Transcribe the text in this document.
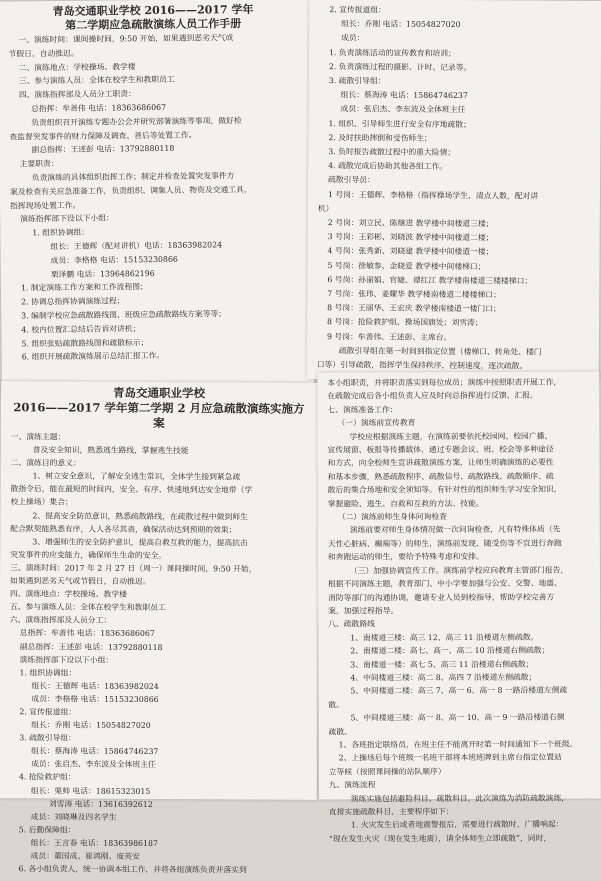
青岛交通职业学校 2016——2017 学年

第二学期应急疏散演练人员工作手册

一、演练时间：课间操时间，9:50 开始，如果遇到恶劣天气或

节假日，自动推迟。

二、演练地点：学校操场、教学楼

三、参与演练人员：全体在校学生和教职员工

四、演练指挥部及人员分工职责：

总指挥：牟善伟 电话：18363686067

负责组织召开演练专题办公会并研究部署演练等事项，做好检

查监督突发事件的财力保障及调查、善后等处置工作。

副总指挥：王述彭 电话：13792880118

主要职责：

负责演练的具体组织指挥工作；制定并检查处置突发事件方

案及检查有关应急准备工作，负责组织、调集人员、物资及交通工具，

指挥现场处置工作。

演练指挥部下设以下小组：

1. 组织协调组：

组长：王德辉（配对讲机）电话：18363982024

成员：李格格 电话：15153230866

栗泽鹏 电话：13964862196

1. 制定演练工作方案和工作流程图；

2. 协调总指挥协调演练过程；

3. 编制学校应急疏散路线图、班级应急疏散路线方案等等；

4. 校内位置汇总结后告诉对讲机；

5. 组织张贴疏散路线图和疏散标示；

6. 组织开展疏散演练展示总结汇报工作。

2. 宣传报道组：

组长：乔刚 电话：15054827020

成员：

1. 负责演练活动的宣传教育和培训；

2. 负责演练过程的摄影、计时、记录等。

3. 疏散引导组：

组长：蔡海涛 电话：15864746237

成员：张启杰、李东波及全体班主任

1. 组织、引导师生进行安全有序地疏散；

2. 及时扶助摔倒和受伤师生；

3. 负时报告疏散过程中的重大险情；

4. 疏散完成后协助其他各组工作。

疏散引导员：

1 号岗：王德辉、李格格（指挥操场学生、清点人数，配对讲

机）

2 号岗：刘立民、陈继进 教学楼中间楼道三楼；

3 号岗：王彩彬、刘晓波 教学楼中间楼道二楼；

4 号岗：张秀新、刘晓建 教学楼中间楼道一楼；

5 号岗：徐敏参、金晓爱 教学楼中间楼梯口；

6 号岗：孙丽娟、官婕、谭红江 教学楼南楼道三楼楼梯口；

7 号岗：张玮、姜耀华 教学楼南楼道二楼楼梯口；

8 号岗：王丽华、王宏庆 教学楼南楼道一楼门口；

8 号岗：抢险救护组、操场国旗处；刘雪涛；

9 号岗：牟善伟、王述彭、主席台。

疏散引导组在第一时间到指定位置（楼梯口、转角处、楼门

口等）引导疏散，指挥学生保持秩序，控制速度，逐次疏散。

青岛交通职业学校

2016——2017 学年第二学期 2 月应急疏散演练实施方案

一、演练主题：

普及安全知识，熟悉逃生路线，掌握逃生技能

二、演练目的意义：

1、树立安全意识，了解安全逃生常识，全体学生接到紧急疏

散指令后，能在最短的时间内，安全、有序、快速地到达安全地带（学

校上操场）集合；

2、提高安全防范意识，熟悉疏散路线，在疏散过程中做到师生

配合默契能熟悉有序，人人各尽其责，确保活动达到预期的效果；

3、增强师生的安全防护意识，提高自救互救的能力，提高抗击

突发事件的应变能力，确保师生生命的安全。

三、演练时间：2017 年 2 月 27 日（周一）课间操时间，9:50 开始，

如果遇到恶劣天气或节假日，自动推迟。

四、演练地点：学校操场、教学楼

五、参与演练人员：全体在校学生和教职员工

六、演练指挥部及人员分工：

总指挥：牟善伟 电话：18363686067

副总指挥：王述彭 电话：13792880118

演练指挥部下设以下小组：

1. 组织协调组：

组长：王德辉 电话：18363982024

成员：李格格 电话：15153230866

2. 宣传报道组：

组长：乔刚 电话：15054827020

3. 疏散引导组：

组长：蔡海涛 电话：15864746237

成员：张启杰、李东波及全体班主任

4. 抢险救护组：

组长：栗帅 电话：18615323015

刘雪涛 电话：13616392612

成员：刘晓琳及四名学生

5. 后勤保障组：

组长：王言春 电话：18363986187

成员：董国成、崔鸿刚、庞英安

6. 各小组负责人，统一协调本组工作，并将各组演练负责并落实到

本小组职责，并将职责落实到每位成员；演练中按照职责开展工作，

在疏散完成后各小组负责人应及时向总指挥进行反馈、汇报。

七、演练准备工作：

（一）演练前宣传教育

学校应根据演练主题，在演练前要依托校园网、校园广播、

宣传展窗、板报等传播载体，通过专题会议、班、校会等多种途径

和方式，向全校师生宣讲疏散演练方案，让师生明确演练的必要性

和基本步骤，熟悉疏散程序、疏散信号、疏散路线、疏散顺序、疏

散后的集合场地和安全须知等。有针对性的组织师生学习安全知识，

掌握避险、逃生、自救和互救的方法、技能。

（二）演练前师生身体问询检查

演练前要对师生身体情况做一次问询检查，凡有特殊体质（先

天性心脏病、癫痫等）的师生，演练前发现、随受伤等不宜进行奔跑

和奔跑运动的师生，要给予特殊考虑和安排。

（三）加强协调宣传工作。演练前学校应向教育主管部门报告，

根据不同演练主题，教育部门、中小学要加强与公安、交警、地震、

消防等部门的沟通协调，邀请专业人员到校指导，帮助学校完善方

案，加强过程指导。

八、疏散路线

1、南楼道三楼：高三 12、高三 11 沿楼道左侧疏散。

2、南楼道二楼：高七、高一、高二 10 沿楼道右侧疏散；

3、南楼道一楼：高七 5、高三 11 沿楼道右侧疏散；

4、中间楼道三楼：高二 8、高四 7 沿楼道左侧疏散；

5、中间楼道二楼：高三 7、高一 6、高一 8 一路沿楼道左侧疏

散。

5、中间楼道三楼：高一 8、高一 10、高一 9 一路沿楼道右侧

疏散。

1、各班指定联络员，在班主任不能离开时第一时间通知下一个班级。

2、上操场后每个班级一名班干部将本班班牌到主席台指定位置站

立等候（按照课间操的站队顺序）

九、演练流程

演练实施包括避险科目、疏散科目，此次演练为消防疏散演练，

直接实施疏散科目，主要程序如下：

1. 火灾发生后或者地震警报后，需要进行疏散时，广播响起：

“现在发生火灾（现在发生地震），请全体师生立即疏散”，同时，
